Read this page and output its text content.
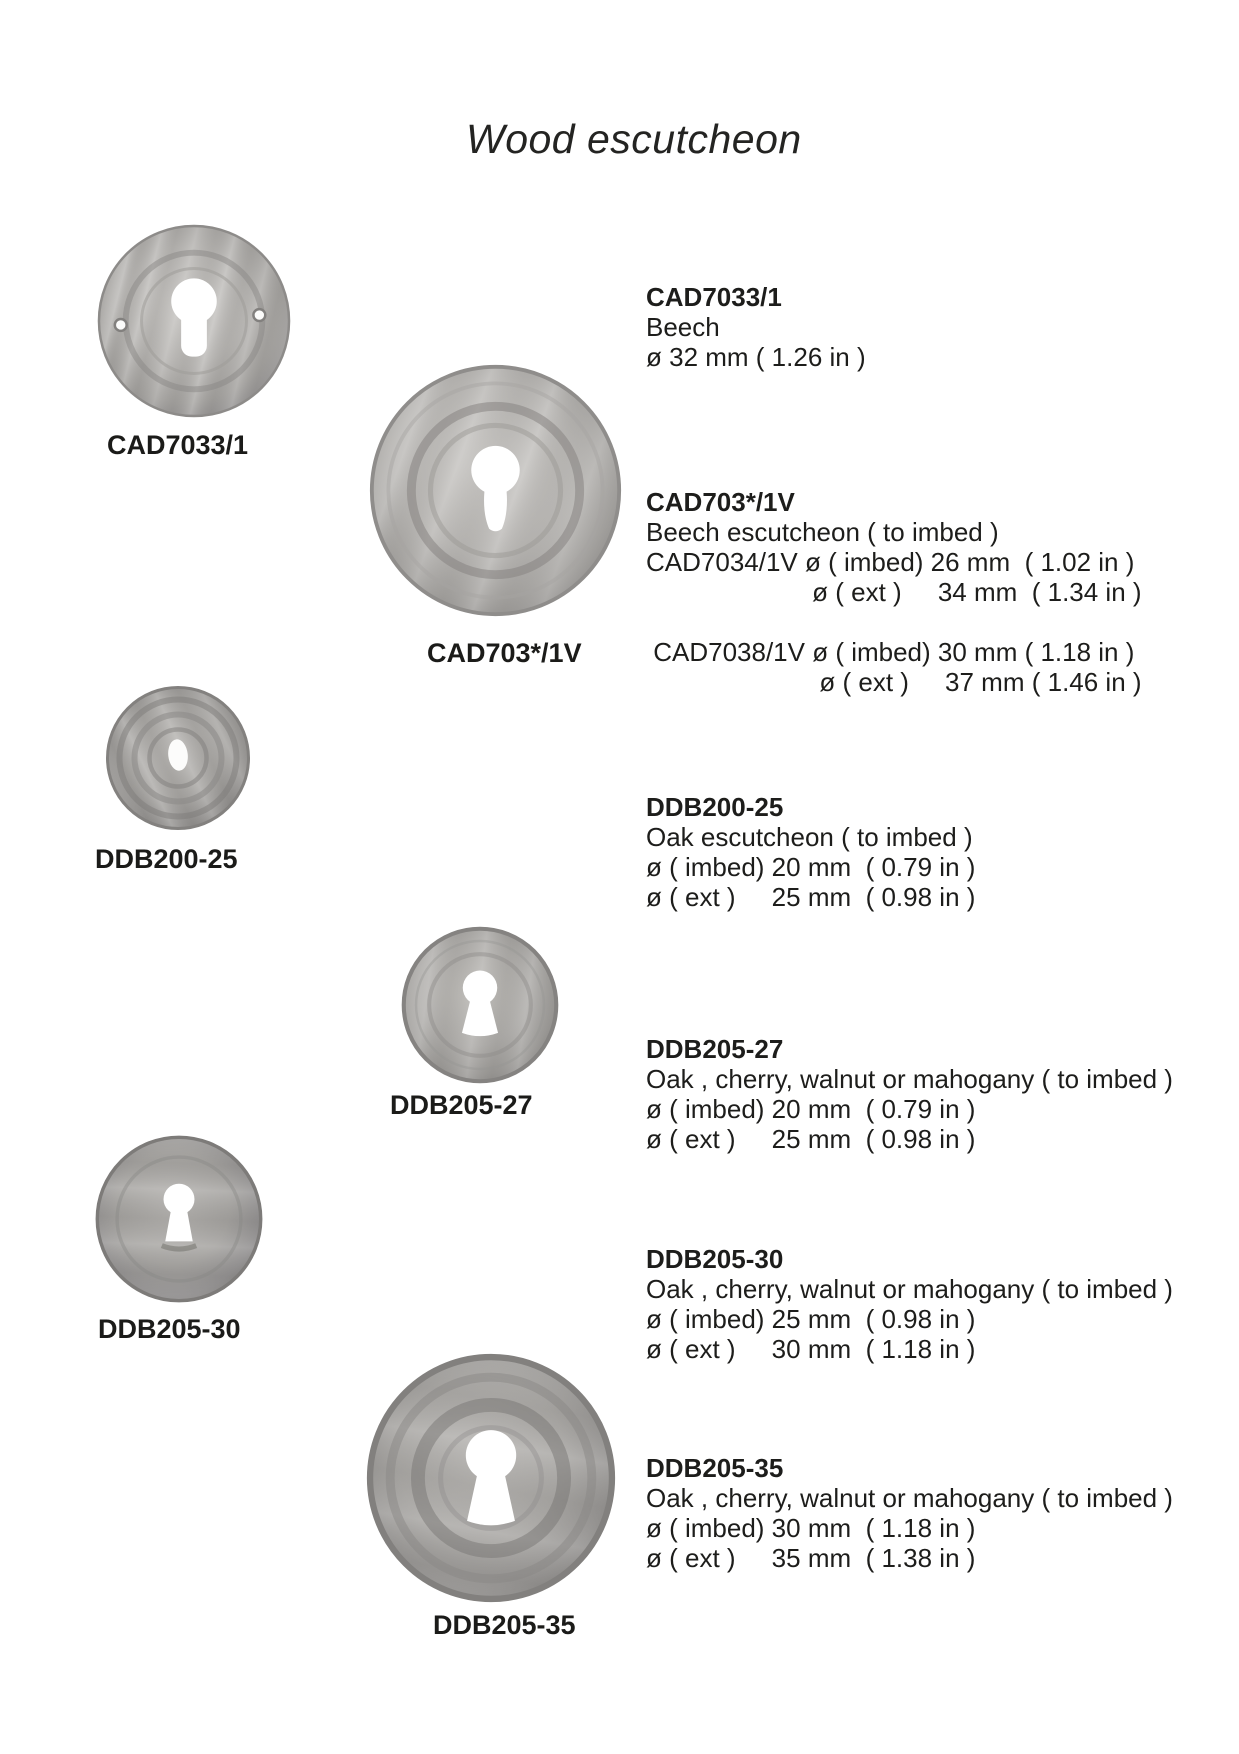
Wood escutcheon
CAD7033/1
CAD7033/1
Beech
ø 32 mm ( 1.26 in )
CAD703*/1V
CAD703*/1V
Beech escutcheon ( to imbed )
CAD7034/1V ø ( imbed) 26 mm  ( 1.02 in )
ø ( ext )     34 mm  ( 1.34 in )
CAD7038/1V ø ( imbed) 30 mm ( 1.18 in )
ø ( ext )     37 mm ( 1.46 in )
DDB200-25
DDB200-25
Oak escutcheon ( to imbed )
ø ( imbed) 20 mm  ( 0.79 in )
ø ( ext )     25 mm  ( 0.98 in )
DDB205-27
DDB205-27
Oak , cherry, walnut or mahogany ( to imbed )
ø ( imbed) 20 mm  ( 0.79 in )
ø ( ext )     25 mm  ( 0.98 in )
DDB205-30
DDB205-30
Oak , cherry, walnut or mahogany ( to imbed )
ø ( imbed) 25 mm  ( 0.98 in )
ø ( ext )     30 mm  ( 1.18 in )
DDB205-35
DDB205-35
Oak , cherry, walnut or mahogany ( to imbed )
ø ( imbed) 30 mm  ( 1.18 in )
ø ( ext )     35 mm  ( 1.38 in )
